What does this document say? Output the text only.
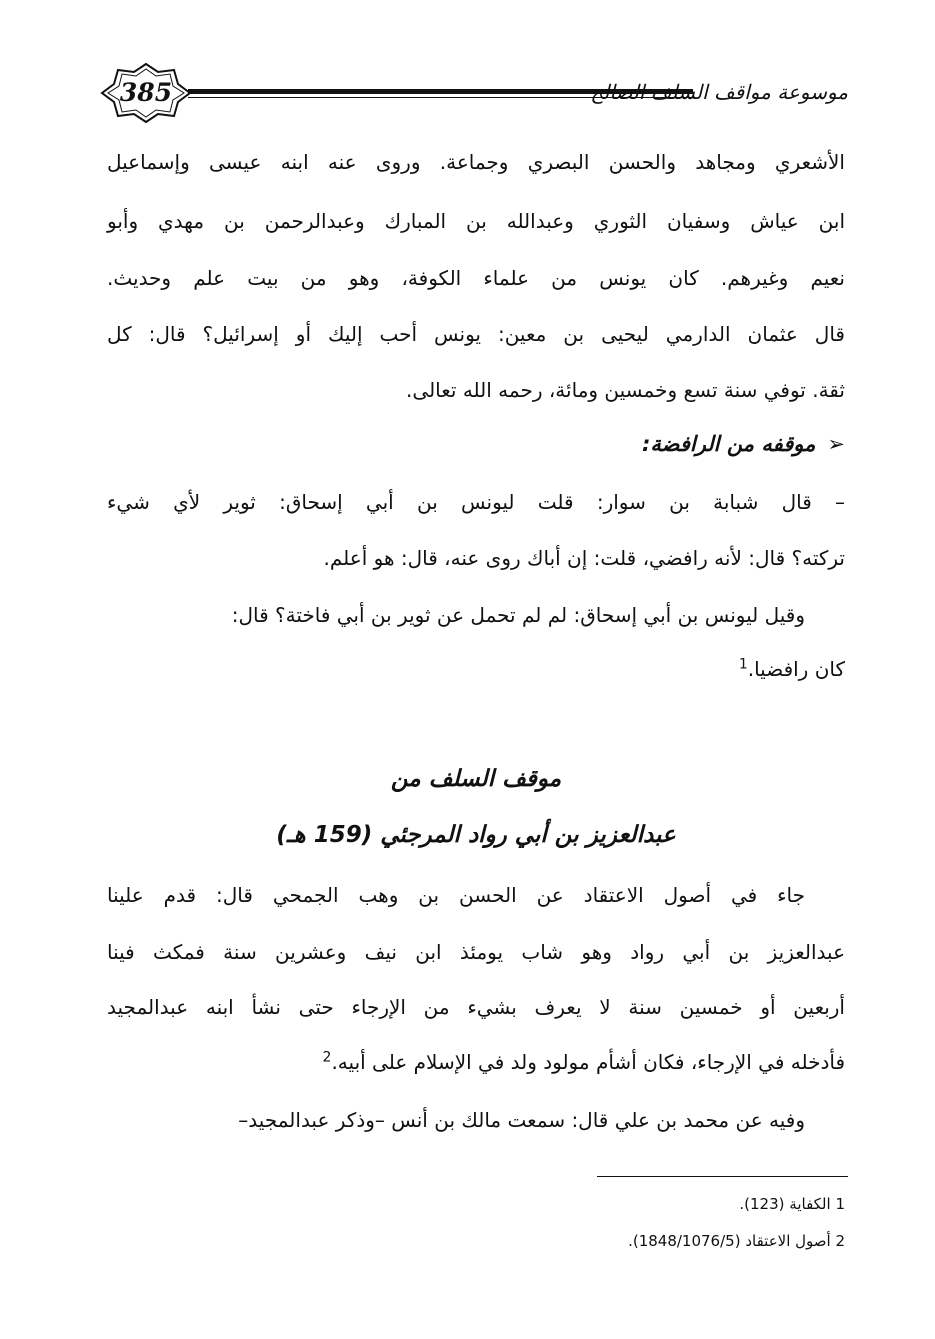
385	موسوعة مواقف السلف الصالح
الأشعري ومجاهد والحسن البصري وجماعة. وروى عنه ابنه عيسى وإسماعيل
ابن عياش وسفيان الثوري وعبدالله بن المبارك وعبدالرحمن بن مهدي وأبو
نعيم وغيرهم. كان يونس من علماء الكوفة، وهو من بيت علم وحديث.
قال عثمان الدارمي ليحيى بن معين: يونس أحب إليك أو إسرائيل؟ قال: كل
ثقة. توفي سنة تسع وخمسين ومائة، رحمه الله تعالى.
➢موقفه من الرافضة:
– قال شبابة بن سوار: قلت ليونس بن أبي إسحاق: ثوير لأي شيء
تركته؟ قال: لأنه رافضي، قلت: إن أباك روى عنه، قال: هو أعلم.
وقيل ليونس بن أبي إسحاق: لم لم تحمل عن ثوير بن أبي فاختة؟ قال:
كان رافضيا.$^1$
موقف السلف من
عبدالعزيز بن أبي رواد المرجئي (159 هـ)
جاء في أصول الاعتقاد عن الحسن بن وهب الجمحي قال: قدم علينا
عبدالعزيز بن أبي رواد وهو شاب يومئذ ابن نيف وعشرين سنة فمكث فينا
أربعين أو خمسين سنة لا يعرف بشيء من الإرجاء حتى نشأ ابنه عبدالمجيد
فأدخله في الإرجاء، فكان أشأم مولود ولد في الإسلام على أبيه.$^2$
وفيه عن محمد بن علي قال: سمعت مالك بن أنس –وذكر عبدالمجيد–
1 الكفاية (123).
2 أصول الاعتقاد (1848/1076/5).
